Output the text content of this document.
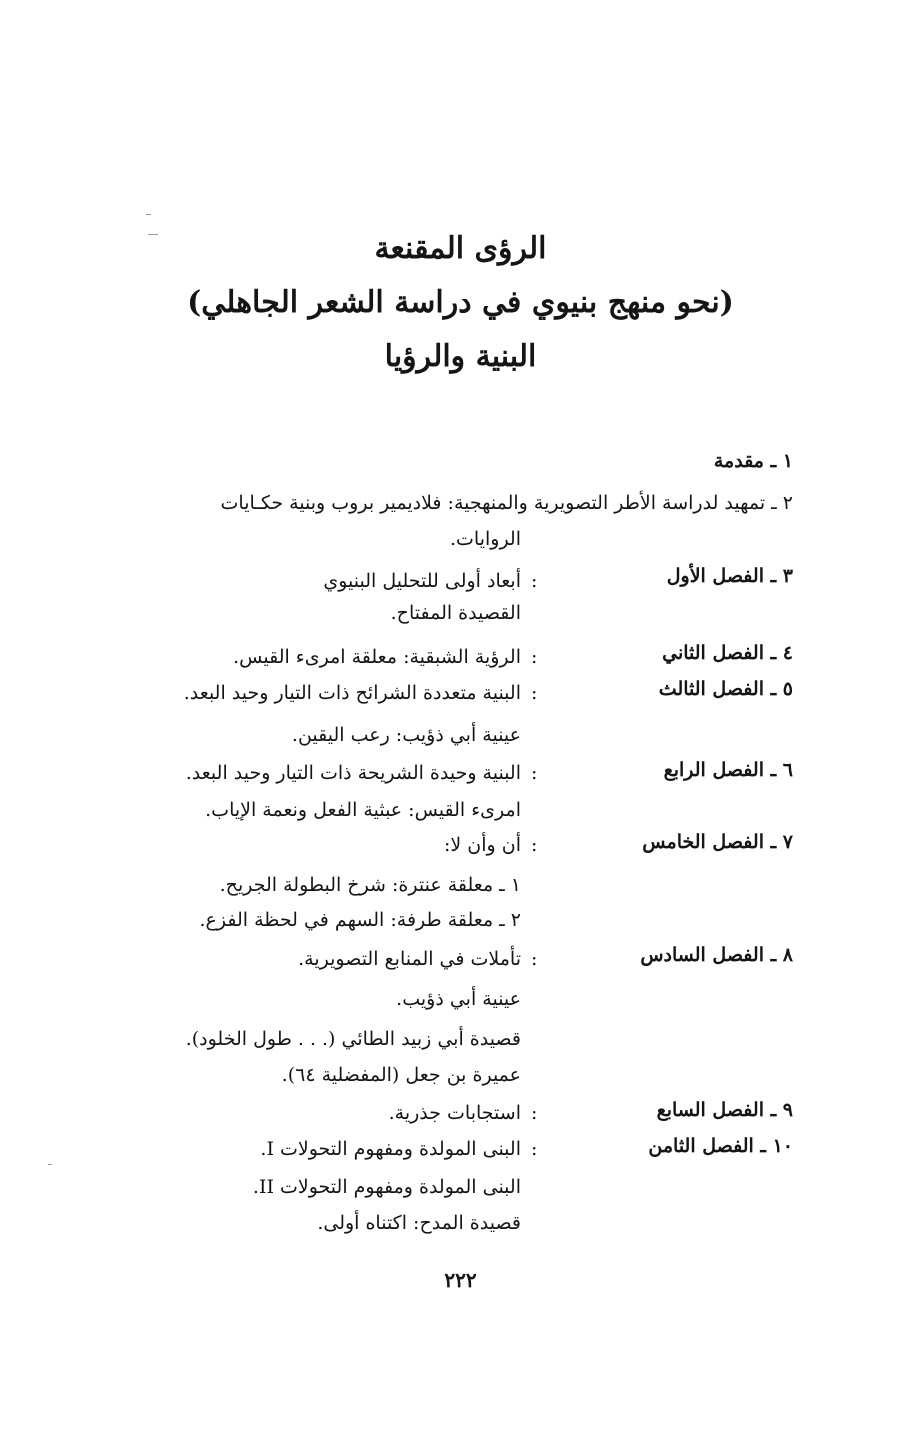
الرؤى المقنعة
(نحو منهج بنيوي في دراسة الشعر الجاهلي)
البنية والرؤيا
١ ـ مقدمة
٢ ـ تمهيد لدراسة الأطر التصويرية والمنهجية: فلاديمير بروب وبنية حكـايات
الروايات.
٣ ـ الفصل الأول
:
أبعاد أولى للتحليل البنيوي
القصيدة المفتاح.
٤ ـ الفصل الثاني
:
الرؤية الشبقية: معلقة امرىء القيس.
٥ ـ الفصل الثالث
:
البنية متعددة الشرائح ذات التيار وحيد البعد.
عينية أبي ذؤيب: رعب اليقين.
٦ ـ الفصل الرابع
:
البنية وحيدة الشريحة ذات التيار وحيد البعد.
امرىء القيس: عبثية الفعل ونعمة الإياب.
٧ ـ الفصل الخامس
:
أن وأن لا:
١ ـ معلقة عنترة: شرخ البطولة الجريح.
٢ ـ معلقة طرفة: السهم في لحظة الفزع.
٨ ـ الفصل السادس
:
تأملات في المنابع التصويرية.
عينية أبي ذؤيب.
قصيدة أبي زبيد الطائي (. . . طول الخلود).
عميرة بن جعل (المفضلية ٦٤).
٩ ـ الفصل السابع
:
استجابات جذرية.
١٠ ـ الفصل الثامن
:
البنى المولدة ومفهوم التحولات I.
البنى المولدة ومفهوم التحولات II.
قصيدة المدح: اكتناه أولى.
٢٢٢
